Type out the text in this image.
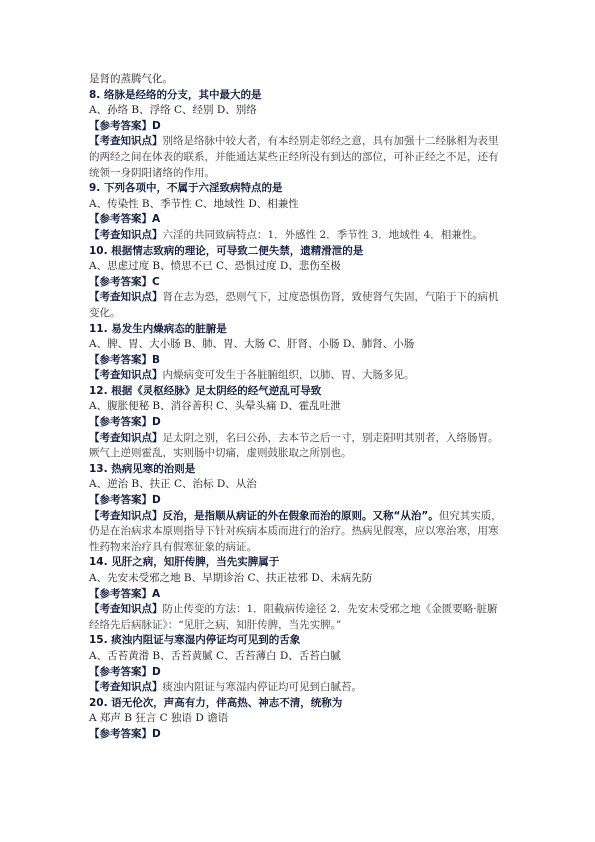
是肾的蒸腾气化。

8. 络脉是经络的分支，其中最大的是

A、孙络 B、浮络 C、经别 D、别络

【参考答案】D

【考查知识点】别络是络脉中较大者，有本经别走邻经之意，具有加强十二经脉相为表里的两经之间在体表的联系，并能通达某些正经所没有到达的部位，可补正经之不足，还有统领一身阴阳诸络的作用。

9. 下列各项中，不属于六淫致病特点的是

A、传染性 B、季节性 C、地域性 D、相兼性

【参考答案】A

【考查知识点】六淫的共同致病特点：1．外感性 2．季节性 3．地域性 4．相兼性。

10. 根据情志致病的理论，可导致二便失禁，遗精滑泄的是

A、思虑过度 B、愤思不已 C、恐惧过度 D、悲伤至极

【参考答案】C

【考查知识点】肾在志为恐，恐则气下，过度恐惧伤肾，致使肾气失固，气陷于下的病机变化。

11. 易发生内燥病态的脏腑是

A、脾、胃、大小肠 B、肺、胃、大肠 C、肝肾、小肠 D、肺肾、小肠

【参考答案】B

【考查知识点】内燥病变可发生于各脏腑组织，以肺、胃、大肠多见。

12. 根据《灵枢经脉》足太阴经的经气逆乱可导致

A、腹胀便秘 B、消谷善积 C、头晕头痛 D、霍乱吐泄

【参考答案】D

【考查知识点】足太阴之别，名曰公孙，去本节之后一寸，别走阳明其别者，入络肠胃。厥气上逆则霍乱，实则肠中切痛，虚则鼓胀取之所别也。

13. 热病见寒的治则是

A、逆治 B、扶正 C、治标 D、从治

【参考答案】D

【考查知识点】反治，是指顺从病证的外在假象而治的原则。又称“从治”。但究其实质，仍是在治病求本原则指导下针对疾病本质而进行的治疗。热病见假寒，应以寒治寒，用寒性药物来治疗具有假寒征象的病证。

14. 见肝之病，知肝传脾，当先实脾属于

A、先安未受邪之地 B、早期诊治 C、扶正祛邪 D、未病先防

【参考答案】A

【考查知识点】防止传变的方法：1．阻截病传途径 2．先安未受邪之地《金匮要略·脏腑经络先后病脉证》：“见肝之病，知肝传脾，当先实脾。”

15. 痰浊内阻证与寒湿内停证均可见到的舌象

A、舌苔黄滑 B、舌苔黄腻 C、舌苔薄白 D、舌苔白腻

【参考答案】D

【考查知识点】痰浊内阻证与寒湿内停证均可见到白腻苔。

20. 语无伦次，声高有力，伴高热、神志不清，统称为

A 郑声 B 狂言 C 独语 D 谵语

【参考答案】D
